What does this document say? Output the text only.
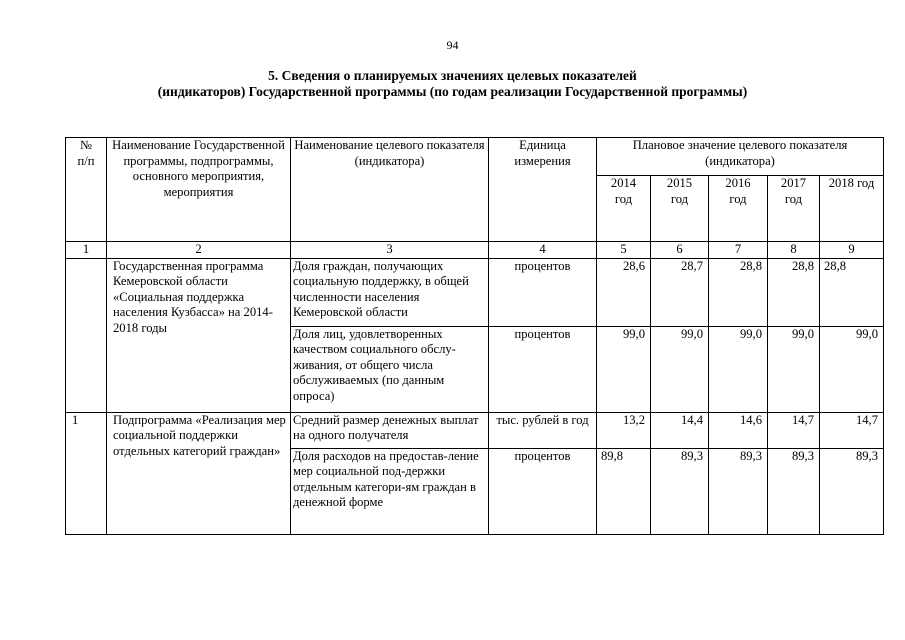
94
5. Сведения о планируемых значениях целевых показателей
(индикаторов) Государственной программы (по годам реализации Государственной программы)
№ п/п	Наименование Государственной программы, подпрограммы, основного мероприятия, мероприятия	Наименование целевого показателя (индикатора)	Единица измерения	Плановое значение целевого показателя (индикатора)				
				2014 год	2015 год	2016 год	2017 год	2018 год
1	2	3	4	5	6	7	8	9
	Государственная программа Кемеровской области «Социальная поддержка населения Кузбасса» на 2014-2018 годы	Доля граждан, получающих социальную поддержку, в общей численности населения Кемеровской области	процентов	28,6	28,7	28,8	28,8	28,8
		Доля лиц, удовлетворенных качеством социального обслу-живания, от общего числа обслуживаемых (по данным опроса)	процентов	99,0	99,0	99,0	99,0	99,0
1	Подпрограмма «Реализация мер социальной поддержки отдельных категорий граждан»	Средний размер денежных выплат на одного получателя	тыс. рублей в год	13,2	14,4	14,6	14,7	14,7
		Доля расходов на предостав-ление мер социальной под-держки отдельным категори-ям граждан в денежной форме	процентов	89,8	89,3	89,3	89,3	89,3
